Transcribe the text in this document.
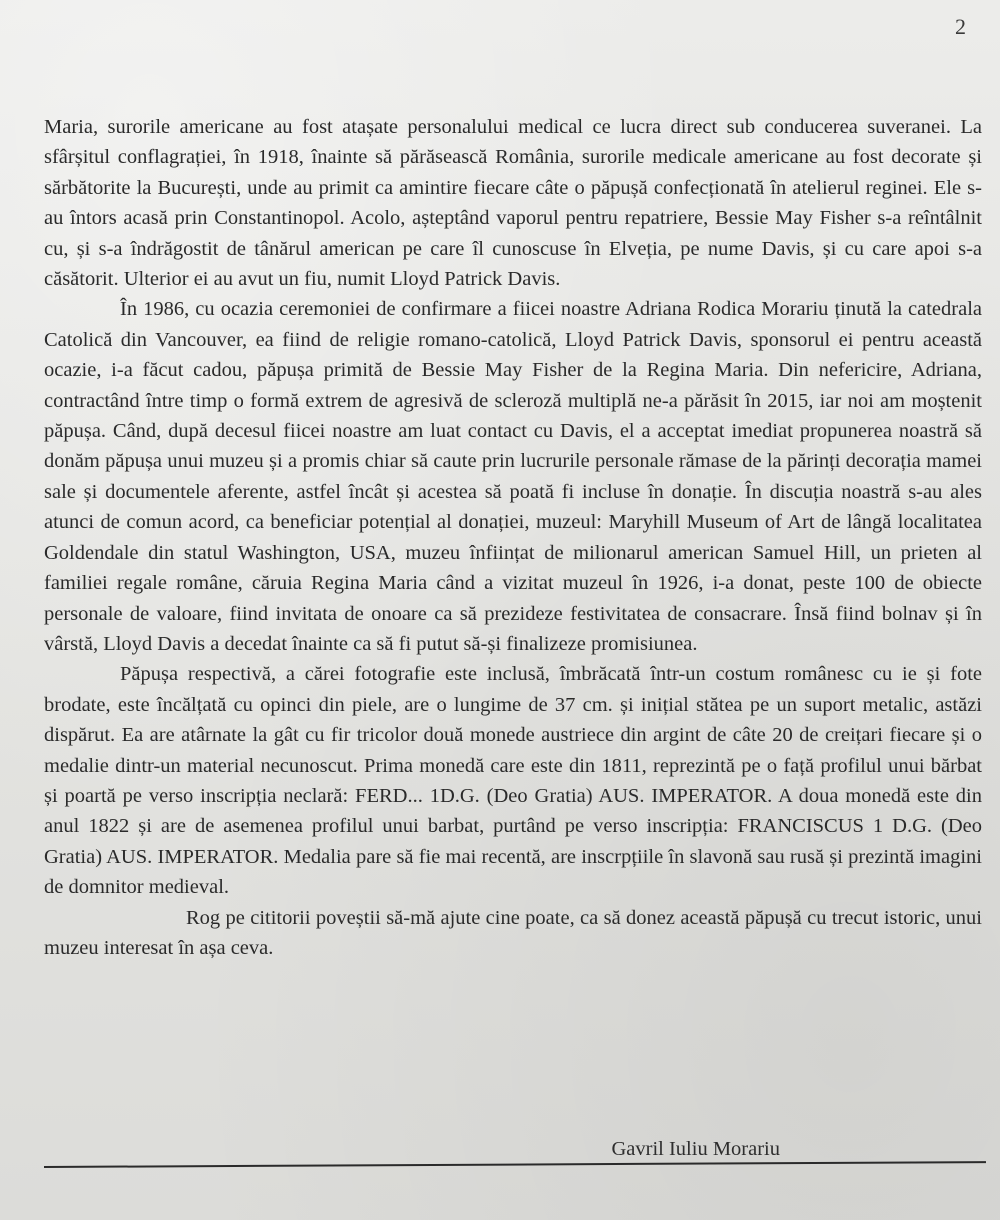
2

Maria, surorile americane au fost atașate personalului medical ce lucra direct sub conducerea suveranei. La sfârșitul conflagrației, în 1918, înainte să părăsească România, surorile medicale americane au fost decorate și sărbătorite la București, unde au primit ca amintire fiecare câte o păpușă confecționată în atelierul reginei. Ele s-au întors acasă prin Constantinopol. Acolo, așteptând vaporul pentru repatriere, Bessie May Fisher s-a reîntâlnit cu, și s-a îndrăgostit de tânărul american pe care îl cunoscuse în Elveția, pe nume Davis, și cu care apoi s-a căsătorit. Ulterior ei au avut un fiu, numit Lloyd Patrick Davis.

În 1986, cu ocazia ceremoniei de confirmare a fiicei noastre Adriana Rodica Morariu ținută la catedrala Catolică din Vancouver, ea fiind de religie romano-catolică, Lloyd Patrick Davis, sponsorul ei pentru această ocazie, i-a făcut cadou, păpușa primită de Bessie May Fisher de la Regina Maria. Din nefericire, Adriana, contractând între timp o formă extrem de agresivă de scleroză multiplă ne-a părăsit în 2015, iar noi am moștenit păpușa. Când, după decesul fiicei noastre am luat contact cu Davis, el a acceptat imediat propunerea noastră să donăm păpușa unui muzeu și a promis chiar să caute prin lucrurile personale rămase de la părinți decorația mamei sale și documentele aferente, astfel încât și acestea să poată fi incluse în donație. În discuția noastră s-au ales atunci de comun acord, ca beneficiar potențial al donației, muzeul: Maryhill Museum of Art de lângă localitatea Goldendale din statul Washington, USA, muzeu înființat de milionarul american Samuel Hill, un prieten al familiei regale române, căruia Regina Maria când a vizitat muzeul în 1926, i-a donat, peste 100 de obiecte personale de valoare, fiind invitata de onoare ca să prezideze festivitatea de consacrare. Însă fiind bolnav și în vârstă, Lloyd Davis a decedat înainte ca să fi putut să-și finalizeze promisiunea.

Păpușa respectivă, a cărei fotografie este inclusă, îmbrăcată într-un costum românesc cu ie și fote brodate, este încălțată cu opinci din piele, are o lungime de 37 cm. și inițial stătea pe un suport metalic, astăzi dispărut. Ea are atârnate la gât cu fir tricolor două monede austriece din argint de câte 20 de creițari fiecare și o medalie dintr-un material necunoscut. Prima monedă care este din 1811, reprezintă pe o față profilul unui bărbat și poartă pe verso inscripția neclară: FERD... 1D.G. (Deo Gratia) AUS. IMPERATOR. A doua monedă este din anul 1822 și are de asemenea profilul unui barbat, purtând pe verso inscripția: FRANCISCUS 1 D.G. (Deo Gratia) AUS. IMPERATOR. Medalia pare să fie mai recentă, are inscrpțiile în slavonă sau rusă și prezintă imagini de domnitor medieval.

Rog pe cititorii poveștii să-mă ajute cine poate, ca să donez această păpușă cu trecut istoric, unui muzeu interesat în așa ceva.

Gavril Iuliu Morariu
